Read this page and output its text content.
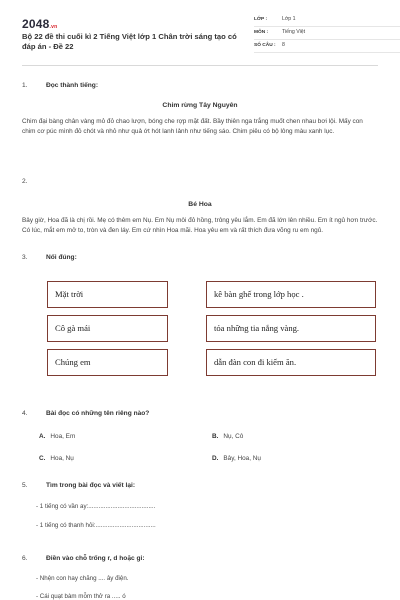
2048.vn
Bộ 22 đề thi cuối kì 2 Tiếng Việt lớp 1 Chân trời sáng tạo có đáp án - Đề 22
LỚP :	Lớp 1
MÔN :	Tiếng Việt
SỐ CÂU :	8
1.	Đọc thành tiếng:
Chim rừng Tây Nguyên
Chim đại bàng chân vàng mỏ đỏ chao lượn, bóng che rợp mặt đất. Bầy thiên nga trắng muốt chen nhau bơi lội. Mấy con chim cơ púc mình đỏ chót và nhỏ như quả ớt hót lanh lảnh như tiếng sáo. Chim piêu có bộ lông màu xanh lục.
2.
Bé Hoa
Bây giờ, Hoa đã là chị rồi. Mẹ có thêm em Nụ. Em Nụ môi đỏ hồng, trông yêu lắm. Em đã lớn lên nhiều. Em ít ngủ hơn trước. Có lúc, mắt em mở to, tròn và đen láy. Em cứ nhìn Hoa mãi. Hoa yêu em và rất thích đưa võng ru em ngủ.
3.	Nối đúng:
Mặt trời
Cô gà mái
Chúng em
kê bàn ghế trong lớp học .
tỏa những tia nắng vàng.
dẫn đàn con đi kiếm ăn.
4.	Bài đọc có những tên riêng nào?
A. Hoa, Em	B. Nụ, Cô
C. Hoa, Nụ	D. Bây, Hoa, Nụ
5.	Tìm trong bài đọc và viết lại:
- 1 tiếng có vần ay:.......................................
- 1 tiếng có thanh hỏi:...................................
6.	Điền vào chỗ trống r, d hoặc gi:
- Nhện con hay chăng .... ây điện.
- Cái quạt bàm mỗm thở ra ..... ó
